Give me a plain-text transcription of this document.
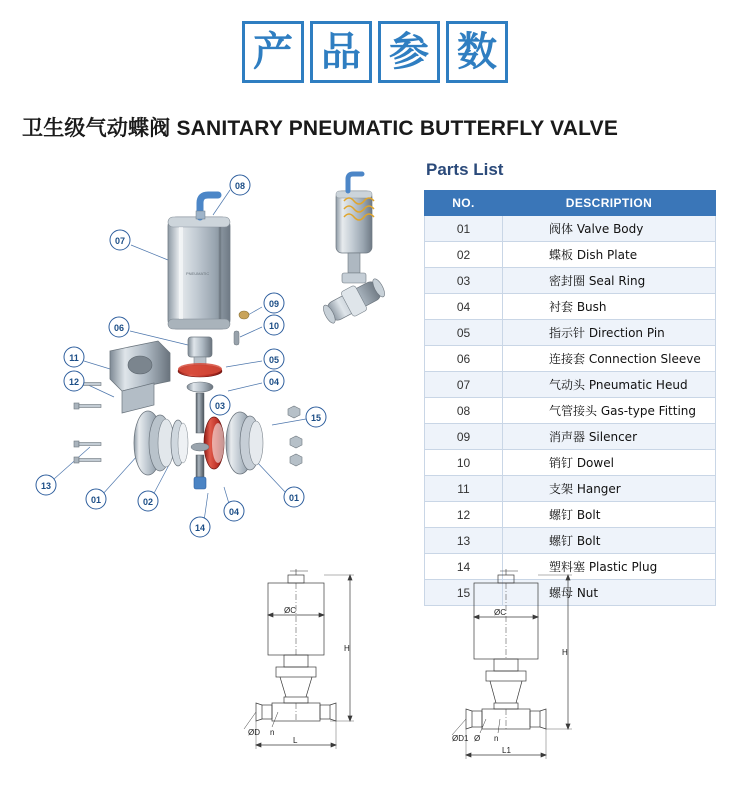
产 品 参 数
卫生级气动蝶阀 SANITARY PNEUMATIC BUTTERFLY VALVE
PNEUMATIC
08
07
09
10
06
05
11
04
12
03
15
13
01	02
04
14
01
Parts List
NO.	DESCRIPTION
01	阀体 Valve Body
02	蝶板 Dish Plate
03	密封圈 Seal Ring
04	衬套 Bush
05	指示针 Direction Pin
06	连接套 Connection Sleeve
07	气动头 Pneumatic Heud
08	气管接头 Gas-type Fitting
09	消声器 Silencer
10	销钉 Dowel
11	支架 Hanger
12	螺钉 Bolt
13	螺钉 Bolt
14	塑料塞 Plastic Plug
15	螺母 Nut
ØC
H
ØD n
L
ØC
H
ØD1 Ø n
L1
